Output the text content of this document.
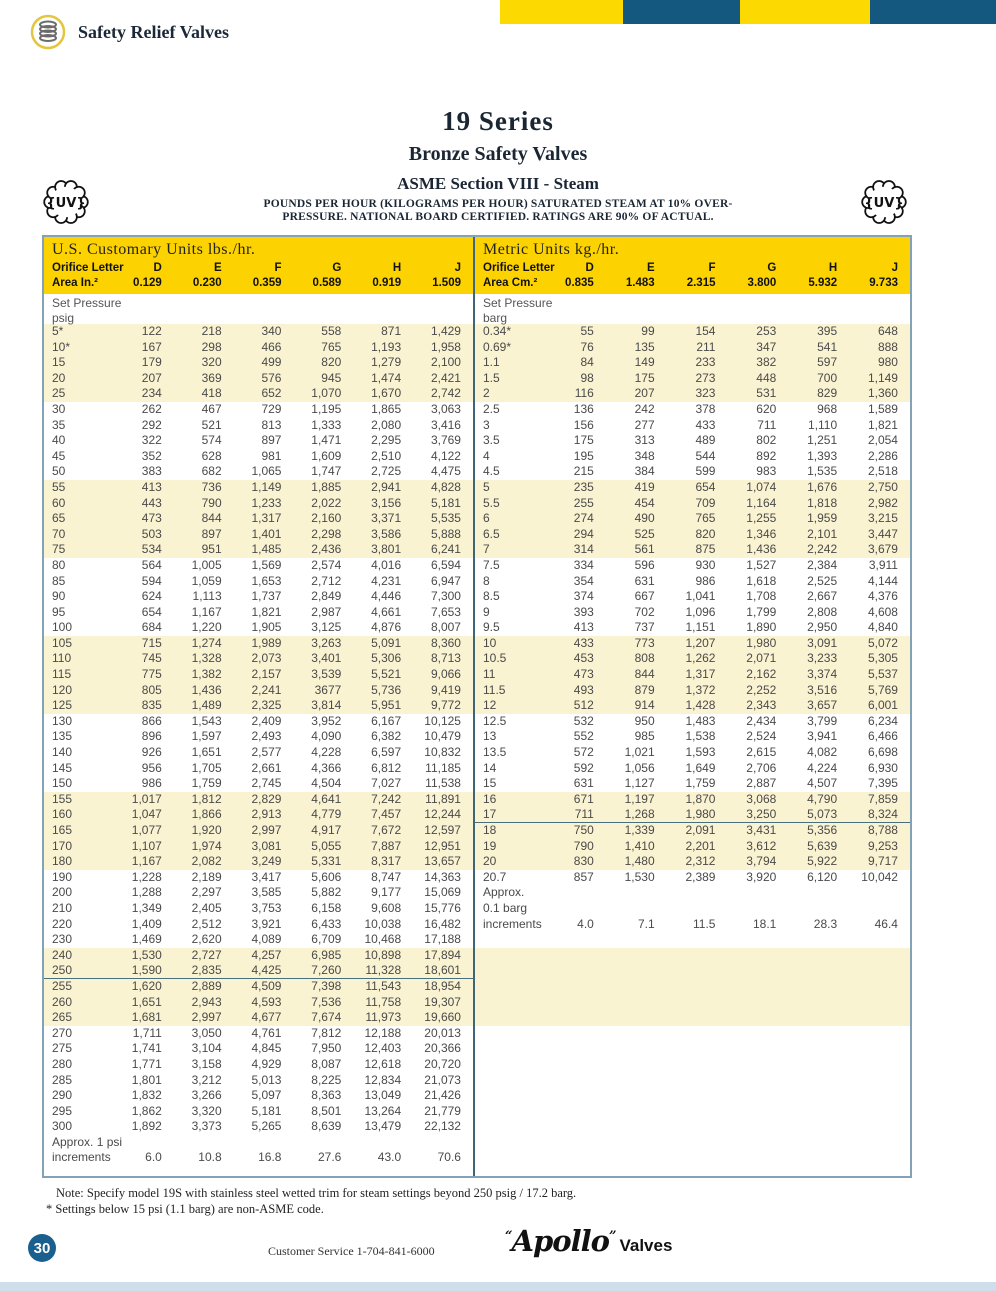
Safety Relief Valves
19 Series
Bronze Safety Valves
ASME Section VIII - Steam
POUNDS PER HOUR (KILOGRAMS PER HOUR) SATURATED STEAM AT 10% OVER-
PRESSURE. NATIONAL BOARD CERTIFIED. RATINGS ARE 90% OF ACTUAL.
{UV}	{UV}
U.S. Customary Units lbs./hr.
Orifice Letter	D	E	F	G	H	J
Area In.²	0.129	0.230	0.359	0.589	0.919	1.509
Set Pressure
psig
5*	122	218	340	558	871	1,429
10*	167	298	466	765	1,193	1,958
15	179	320	499	820	1,279	2,100
20	207	369	576	945	1,474	2,421
25	234	418	652	1,070	1,670	2,742
30	262	467	729	1,195	1,865	3,063
35	292	521	813	1,333	2,080	3,416
40	322	574	897	1,471	2,295	3,769
45	352	628	981	1,609	2,510	4,122
50	383	682	1,065	1,747	2,725	4,475
55	413	736	1,149	1,885	2,941	4,828
60	443	790	1,233	2,022	3,156	5,181
65	473	844	1,317	2,160	3,371	5,535
70	503	897	1,401	2,298	3,586	5,888
75	534	951	1,485	2,436	3,801	6,241
80	564	1,005	1,569	2,574	4,016	6,594
85	594	1,059	1,653	2,712	4,231	6,947
90	624	1,113	1,737	2,849	4,446	7,300
95	654	1,167	1,821	2,987	4,661	7,653
100	684	1,220	1,905	3,125	4,876	8,007
105	715	1,274	1,989	3,263	5,091	8,360
110	745	1,328	2,073	3,401	5,306	8,713
115	775	1,382	2,157	3,539	5,521	9,066
120	805	1,436	2,241	3677	5,736	9,419
125	835	1,489	2,325	3,814	5,951	9,772
130	866	1,543	2,409	3,952	6,167	10,125
135	896	1,597	2,493	4,090	6,382	10,479
140	926	1,651	2,577	4,228	6,597	10,832
145	956	1,705	2,661	4,366	6,812	11,185
150	986	1,759	2,745	4,504	7,027	11,538
155	1,017	1,812	2,829	4,641	7,242	11,891
160	1,047	1,866	2,913	4,779	7,457	12,244
165	1,077	1,920	2,997	4,917	7,672	12,597
170	1,107	1,974	3,081	5,055	7,887	12,951
180	1,167	2,082	3,249	5,331	8,317	13,657
190	1,228	2,189	3,417	5,606	8,747	14,363
200	1,288	2,297	3,585	5,882	9,177	15,069
210	1,349	2,405	3,753	6,158	9,608	15,776
220	1,409	2,512	3,921	6,433	10,038	16,482
230	1,469	2,620	4,089	6,709	10,468	17,188
240	1,530	2,727	4,257	6,985	10,898	17,894
250	1,590	2,835	4,425	7,260	11,328	18,601
255	1,620	2,889	4,509	7,398	11,543	18,954
260	1,651	2,943	4,593	7,536	11,758	19,307
265	1,681	2,997	4,677	7,674	11,973	19,660
270	1,711	3,050	4,761	7,812	12,188	20,013
275	1,741	3,104	4,845	7,950	12,403	20,366
280	1,771	3,158	4,929	8,087	12,618	20,720
285	1,801	3,212	5,013	8,225	12,834	21,073
290	1,832	3,266	5,097	8,363	13,049	21,426
295	1,862	3,320	5,181	8,501	13,264	21,779
300	1,892	3,373	5,265	8,639	13,479	22,132
Approx. 1 psi
increments	6.0	10.8	16.8	27.6	43.0	70.6
Metric Units kg./hr.
Orifice Letter	D	E	F	G	H	J
Area Cm.²	0.835	1.483	2.315	3.800	5.932	9.733
Set Pressure
barg
0.34*	55	99	154	253	395	648
0.69*	76	135	211	347	541	888
1.1	84	149	233	382	597	980
1.5	98	175	273	448	700	1,149
2	116	207	323	531	829	1,360
2.5	136	242	378	620	968	1,589
3	156	277	433	711	1,110	1,821
3.5	175	313	489	802	1,251	2,054
4	195	348	544	892	1,393	2,286
4.5	215	384	599	983	1,535	2,518
5	235	419	654	1,074	1,676	2,750
5.5	255	454	709	1,164	1,818	2,982
6	274	490	765	1,255	1,959	3,215
6.5	294	525	820	1,346	2,101	3,447
7	314	561	875	1,436	2,242	3,679
7.5	334	596	930	1,527	2,384	3,911
8	354	631	986	1,618	2,525	4,144
8.5	374	667	1,041	1,708	2,667	4,376
9	393	702	1,096	1,799	2,808	4,608
9.5	413	737	1,151	1,890	2,950	4,840
10	433	773	1,207	1,980	3,091	5,072
10.5	453	808	1,262	2,071	3,233	5,305
11	473	844	1,317	2,162	3,374	5,537
11.5	493	879	1,372	2,252	3,516	5,769
12	512	914	1,428	2,343	3,657	6,001
12.5	532	950	1,483	2,434	3,799	6,234
13	552	985	1,538	2,524	3,941	6,466
13.5	572	1,021	1,593	2,615	4,082	6,698
14	592	1,056	1,649	2,706	4,224	6,930
15	631	1,127	1,759	2,887	4,507	7,395
16	671	1,197	1,870	3,068	4,790	7,859
17	711	1,268	1,980	3,250	5,073	8,324
18	750	1,339	2,091	3,431	5,356	8,788
19	790	1,410	2,201	3,612	5,639	9,253
20	830	1,480	2,312	3,794	5,922	9,717
20.7	857	1,530	2,389	3,920	6,120	10,042
Approx.
0.1 barg
increments	4.0	7.1	11.5	18.1	28.3	46.4
Note: Specify model 19S with stainless steel wetted trim for steam settings beyond 250 psig / 17.2 barg.
* Settings below 15 psi (1.1 barg) are non-ASME code.
30	Customer Service 1-704-841-6000	“ Apollo ” Valves
